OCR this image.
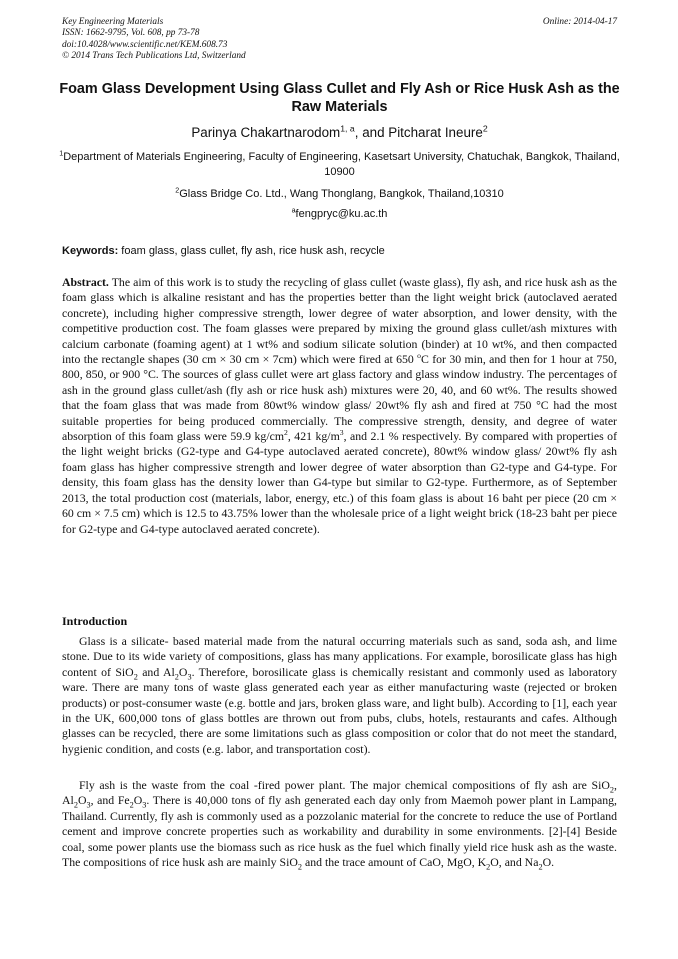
Key Engineering Materials
ISSN: 1662-9795, Vol. 608, pp 73-78
doi:10.4028/www.scientific.net/KEM.608.73
© 2014 Trans Tech Publications Ltd, Switzerland
Online: 2014-04-17
Foam Glass Development Using Glass Cullet and Fly Ash or Rice Husk Ash as the Raw Materials
Parinya Chakartnarodom$^{1, a}$, and Pitcharat Ineure$^2$
$^1$Department of Materials Engineering, Faculty of Engineering, Kasetsart University, Chatuchak, Bangkok, Thailand, 10900
$^2$Glass Bridge Co. Ltd., Wang Thonglang, Bangkok, Thailand,10310
$^a$fengpryc@ku.ac.th
Keywords: foam glass, glass cullet, fly ash, rice husk ash, recycle
Abstract. The aim of this work is to study the recycling of glass cullet (waste glass), fly ash, and rice husk ash as the foam glass which is alkaline resistant and has the properties better than the light weight brick (autoclaved aerated concrete), including higher compressive strength, lower degree of water absorption, and lower density, with the competitive production cost. The foam glasses were prepared by mixing the ground glass cullet/ash mixtures with calcium carbonate (foaming agent) at 1 wt% and sodium silicate solution (binder) at 10 wt%, and then compacted into the rectangle shapes (30 cm × 30 cm × 7cm) which were fired at 650 $^o$C for 30 min, and then for 1 hour at 750, 800, 850, or 900 °C. The sources of glass cullet were art glass factory and glass window industry. The percentages of ash in the ground glass cullet/ash (fly ash or rice husk ash) mixtures were 20, 40, and 60 wt%. The results showed that the foam glass that was made from 80wt% window glass/ 20wt% fly ash and fired at 750 °C had the most suitable properties for being produced commercially. The compressive strength, density, and degree of water absorption of this foam glass were 59.9 $kg/cm^2$, 421 $kg/m^3$, and 2.1 % respectively. By compared with properties of the light weight bricks (G2-type and G4-type autoclaved aerated concrete), 80wt% window glass/ 20wt% fly ash foam glass has higher compressive strength and lower degree of water absorption than G2-type and G4-type. For density, this foam glass has the density lower than G4-type but similar to G2-type. Furthermore, as of September 2013, the total production cost (materials, labor, energy, etc.) of this foam glass is about 16 baht per piece (20 cm × 60 cm × 7.5 cm) which is 12.5 to 43.75% lower than the wholesale price of a light weight brick (18-23 baht per piece for G2-type and G4-type autoclaved aerated concrete).
Introduction
Glass is a silicate- based material made from the natural occurring materials such as sand, soda ash, and lime stone. Due to its wide variety of compositions, glass has many applications. For example, borosilicate glass has high content of SiO$_2$ and $Al_2O_3$. Therefore, borosilicate glass is chemically resistant and commonly used as laboratory ware. There are many tons of waste glass generated each year as either manufacturing waste (rejected or broken products) or post-consumer waste (e.g. bottle and jars, broken glass ware, and light bulb). According to [1], each year in the UK, 600,000 tons of glass bottles are thrown out from pubs, clubs, hotels, restaurants and cafes. Although glasses can be recycled, there are some limitations such as glass composition or color that do not meet the standard, hygienic condition, and costs (e.g. labor, and transportation cost).
Fly ash is the waste from the coal -fired power plant. The major chemical compositions of fly ash are SiO$_2$, $Al_2O_3$, and $Fe_2O_3$. There is 40,000 tons of fly ash generated each day only from Maemoh power plant in Lampang, Thailand. Currently, fly ash is commonly used as a pozzolanic material for the concrete to reduce the use of Portland cement and improve concrete properties such as workability and durability in some environments. [2]-[4] Beside coal, some power plants use the biomass such as rice husk as the fuel which finally yield rice husk ash as the waste. The compositions of rice husk ash are mainly SiO$_2$ and the trace amount of CaO, MgO, $K_2O$, and $Na_2O$.
